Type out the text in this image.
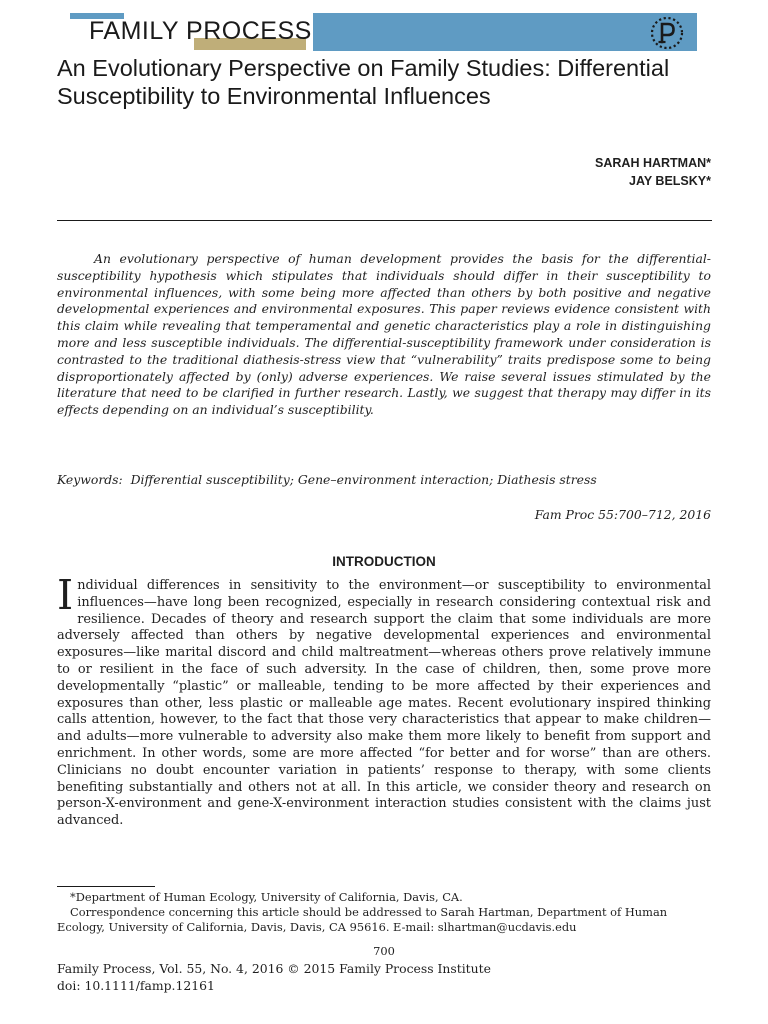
FAMILY PROCESS
An Evolutionary Perspective on Family Studies: Differential Susceptibility to Environmental Influences
SARAH HARTMAN*
JAY BELSKY*

An evolutionary perspective of human development provides the basis for the differential-susceptibility hypothesis which stipulates that individuals should differ in their susceptibility to environmental influences, with some being more affected than others by both positive and negative developmental experiences and environmental exposures. This paper reviews evidence consistent with this claim while revealing that temperamental and genetic characteristics play a role in distinguishing more and less susceptible individuals. The differential-susceptibility framework under consideration is contrasted to the traditional diathesis-stress view that “vulnerability” traits predispose some to being disproportionately affected by (only) adverse experiences. We raise several issues stimulated by the literature that need to be clarified in further research. Lastly, we suggest that therapy may differ in its effects depending on an individual’s susceptibility.

Keywords: Differential susceptibility; Gene–environment interaction; Diathesis stress
Fam Proc 55:700–712, 2016
INTRODUCTION
Individual differences in sensitivity to the environment—or susceptibility to environmental influences—have long been recognized, especially in research considering contextual risk and resilience. Decades of theory and research support the claim that some individuals are more adversely affected than others by negative developmental experiences and environmental exposures—like marital discord and child maltreatment—whereas others prove relatively immune to or resilient in the face of such adversity. In the case of children, then, some prove more developmentally “plastic” or malleable, tending to be more affected by their experiences and exposures than other, less plastic or malleable age mates. Recent evolutionary inspired thinking calls attention, however, to the fact that those very characteristics that appear to make children—and adults—more vulnerable to adversity also make them more likely to benefit from support and enrichment. In other words, some are more affected “for better and for worse” than are others. Clinicians no doubt encounter variation in patients’ response to therapy, with some clients benefiting substantially and others not at all. In this article, we consider theory and research on person-X-environment and gene-X-environment interaction studies consistent with the claims just advanced.
*Department of Human Ecology, University of California, Davis, CA.
Correspondence concerning this article should be addressed to Sarah Hartman, Department of Human Ecology, University of California, Davis, Davis, CA 95616. E-mail: slhartman@ucdavis.edu
700
Family Process, Vol. 55, No. 4, 2016 © 2015 Family Process Institute
doi: 10.1111/famp.12161
